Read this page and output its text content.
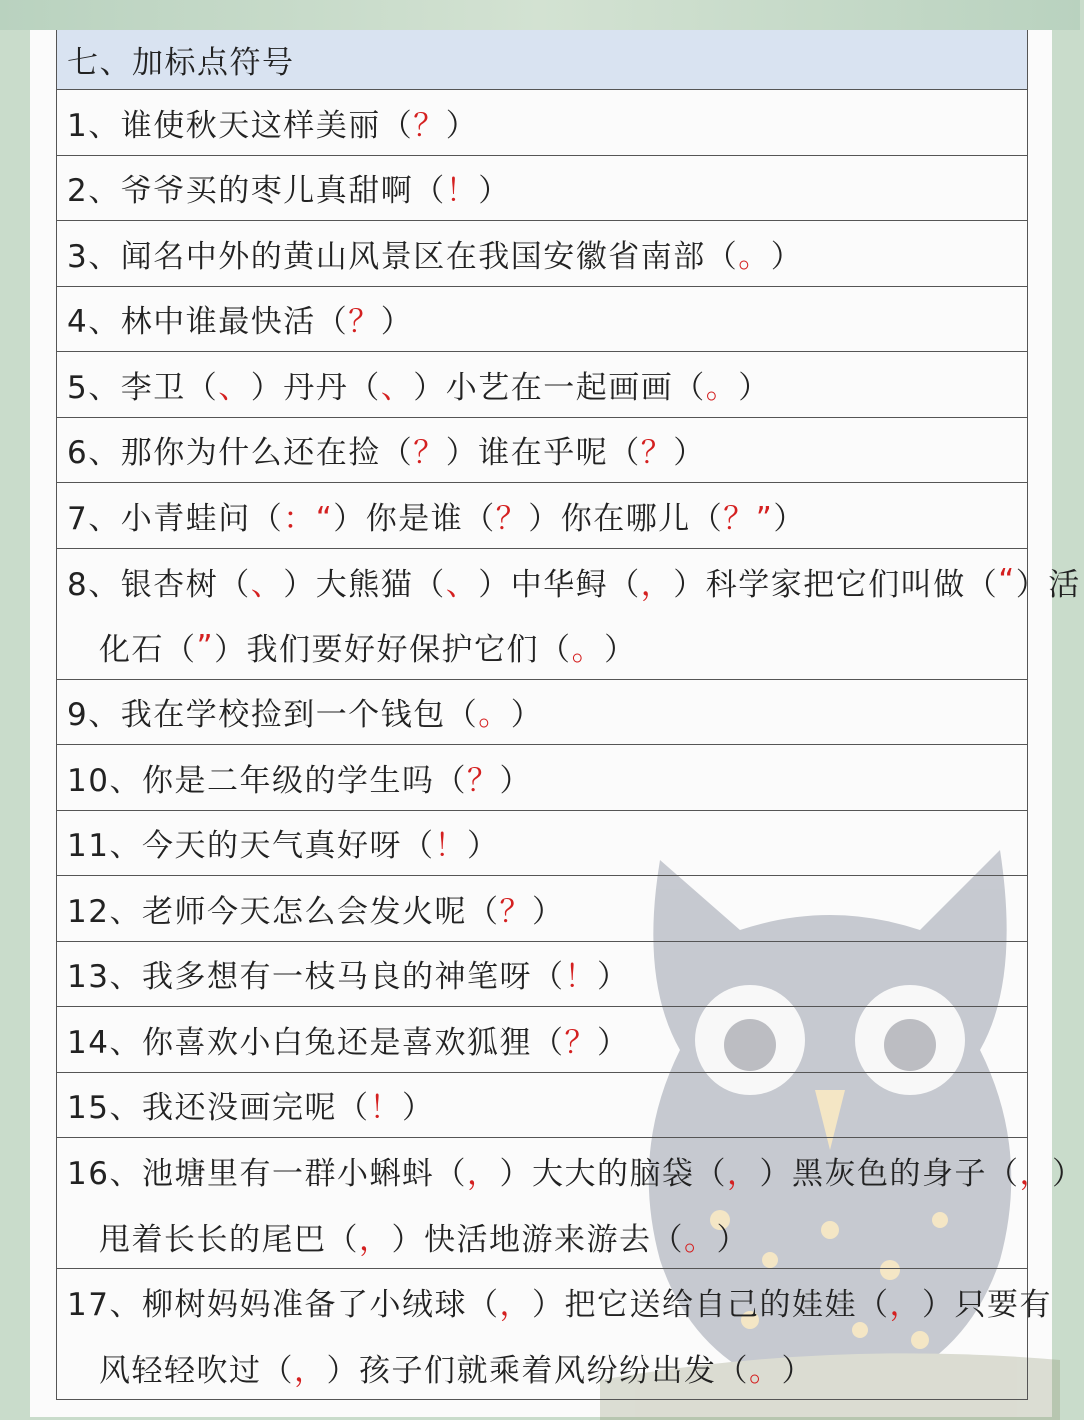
七、加标点符号
1、谁使秋天这样美丽（ ？ ）
2、爷爷买的枣儿真甜啊（ ！ ）
3、闻名中外的黄山风景区在我国安徽省南部（ 。 ）
4、林中谁最快活（ ？ ）
5、李卫（ 、 ）丹丹（ 、 ）小艺在一起画画（ 。 ）
6、那你为什么还在捡（ ？ ）谁在乎呢（ ？ ）
7、小青蛙问（ ：“ ）你是谁（ ？ ）你在哪儿（ ？” ）
8、银杏树（ 、 ）大熊猫（ 、 ）中华鲟（ ， ）科学家把它们叫做（ “ ）活
化石（ ” ）我们要好好保护它们（ 。 ）
9、我在学校捡到一个钱包（ 。 ）
10、你是二年级的学生吗（ ？ ）
11、今天的天气真好呀（ ！ ）
12、老师今天怎么会发火呢（ ？ ）
13、我多想有一枝马良的神笔呀（ ！ ）
14、你喜欢小白兔还是喜欢狐狸（ ？ ）
15、我还没画完呢（ ！ ）
16、池塘里有一群小蝌蚪（ ， ）大大的脑袋（ ， ）黑灰色的身子（ ， ）
甩着长长的尾巴（ ， ）快活地游来游去（ 。 ）
17、柳树妈妈准备了小绒球（ ， ）把它送给自己的娃娃（ ， ）只要有
风轻轻吹过（ ， ）孩子们就乘着风纷纷出发（ 。 ）
